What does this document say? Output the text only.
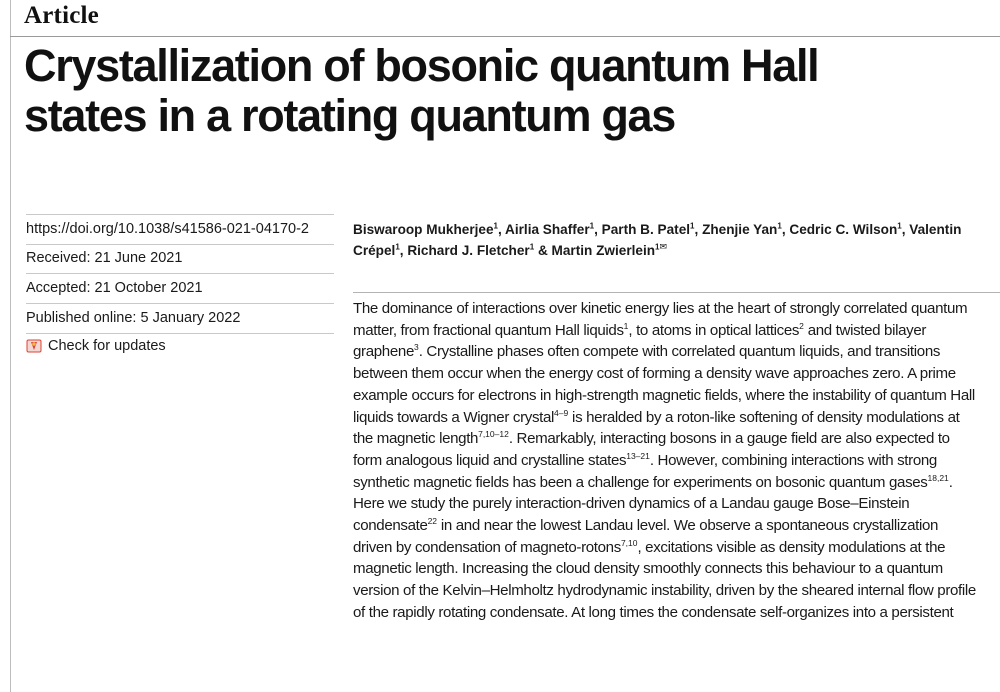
Article
Crystallization of bosonic quantum Hall
states in a rotating quantum gas
https://doi.org/10.1038/s41586-021-04170-2
Received: 21 June 2021
Accepted: 21 October 2021
Published online: 5 January 2022
Check for updates

Biswaroop Mukherjee$^1$, Airlia Shaffer$^1$, Parth B. Patel$^1$, Zhenjie Yan$^1$, Cedric C. Wilson$^1$, Valentin Crépel$^1$, Richard J. Fletcher$^1$ & Martin Zwierlein$^{1✉}$

The dominance of interactions over kinetic energy lies at the heart of strongly correlated quantum matter, from fractional quantum Hall liquids$^1$, to atoms in optical lattices$^2$ and twisted bilayer graphene$^3$. Crystalline phases often compete with correlated quantum liquids, and transitions between them occur when the energy cost of forming a density wave approaches zero. A prime example occurs for electrons in high-strength magnetic fields, where the instability of quantum Hall liquids towards a Wigner crystal$^{4-9}$ is heralded by a roton-like softening of density modulations at the magnetic length$^{7,10-12}$. Remarkably, interacting bosons in a gauge field are also expected to form analogous liquid and crystalline states$^{13-21}$. However, combining interactions with strong synthetic magnetic fields has been a challenge for experiments on bosonic quantum gases$^{18,21}$. Here we study the purely interaction-driven dynamics of a Landau gauge Bose–Einstein condensate$^{22}$ in and near the lowest Landau level. We observe a spontaneous crystallization driven by condensation of magneto-rotons$^{7,10}$, excitations visible as density modulations at the magnetic length. Increasing the cloud density smoothly connects this behaviour to a quantum version of the Kelvin–Helmholtz hydrodynamic instability, driven by the sheared internal flow profile of the rapidly rotating condensate. At long times the condensate self-organizes into a persistent
